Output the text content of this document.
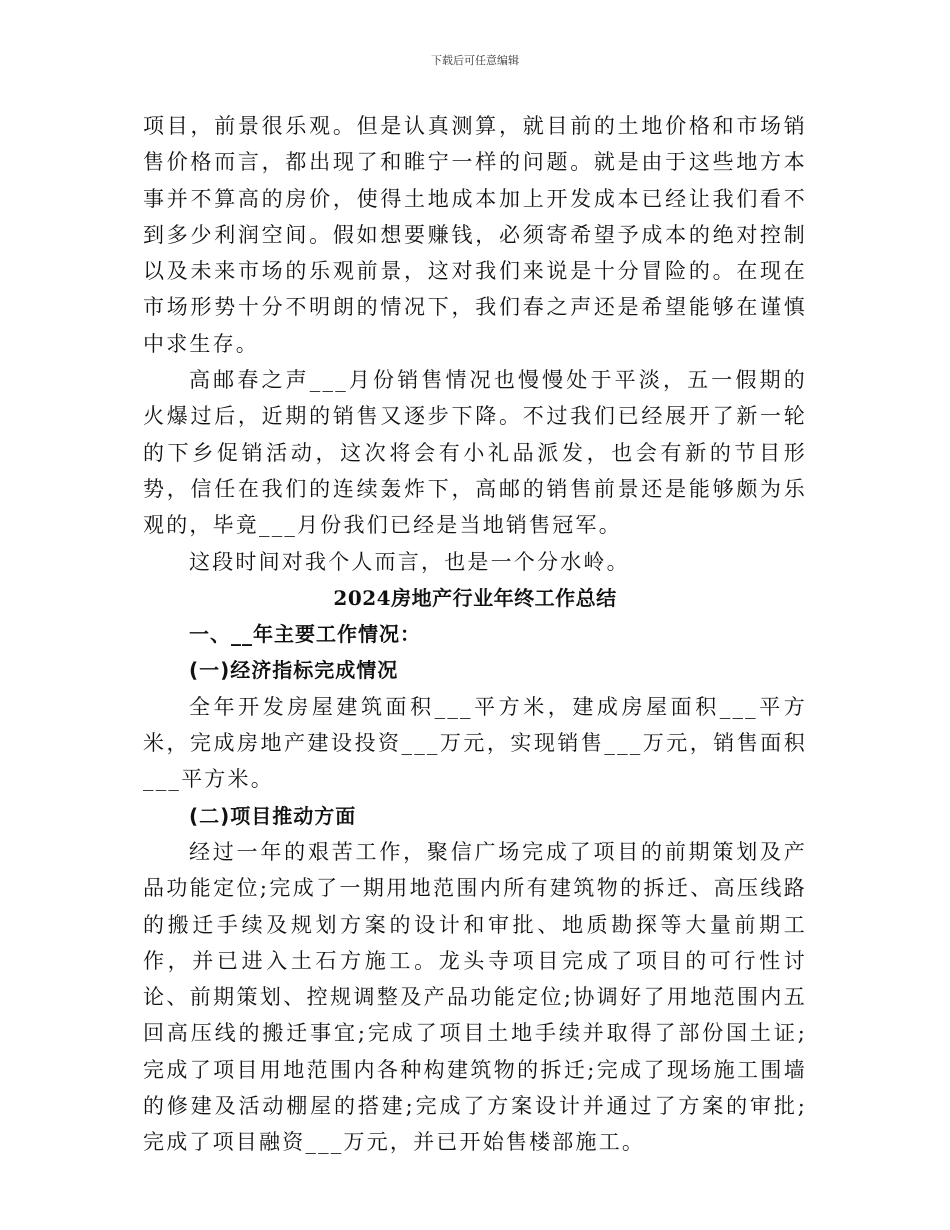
下载后可任意编辑

项目，前景很乐观。但是认真测算，就目前的土地价格和市场销售价格而言，都出现了和睢宁一样的问题。就是由于这些地方本事并不算高的房价，使得土地成本加上开发成本已经让我们看不到多少利润空间。假如想要赚钱，必须寄希望予成本的绝对控制以及未来市场的乐观前景，这对我们来说是十分冒险的。在现在市场形势十分不明朗的情况下，我们春之声还是希望能够在谨慎中求生存。

高邮春之声___月份销售情况也慢慢处于平淡，五一假期的火爆过后，近期的销售又逐步下降。不过我们已经展开了新一轮的下乡促销活动，这次将会有小礼品派发，也会有新的节目形势，信任在我们的连续轰炸下，高邮的销售前景还是能够颇为乐观的，毕竟___月份我们已经是当地销售冠军。

这段时间对我个人而言，也是一个分水岭。

2024房地产行业年终工作总结

一、__年主要工作情况：

(一)经济指标完成情况

全年开发房屋建筑面积___平方米，建成房屋面积___平方米，完成房地产建设投资___万元，实现销售___万元，销售面积___平方米。

(二)项目推动方面

经过一年的艰苦工作，聚信广场完成了项目的前期策划及产品功能定位;完成了一期用地范围内所有建筑物的拆迁、高压线路的搬迁手续及规划方案的设计和审批、地质勘探等大量前期工作，并已进入土石方施工。龙头寺项目完成了项目的可行性讨论、前期策划、控规调整及产品功能定位;协调好了用地范围内五回高压线的搬迁事宜;完成了项目土地手续并取得了部份国土证;完成了项目用地范围内各种构建筑物的拆迁;完成了现场施工围墙的修建及活动棚屋的搭建;完成了方案设计并通过了方案的审批;完成了项目融资___万元，并已开始售楼部施工。
